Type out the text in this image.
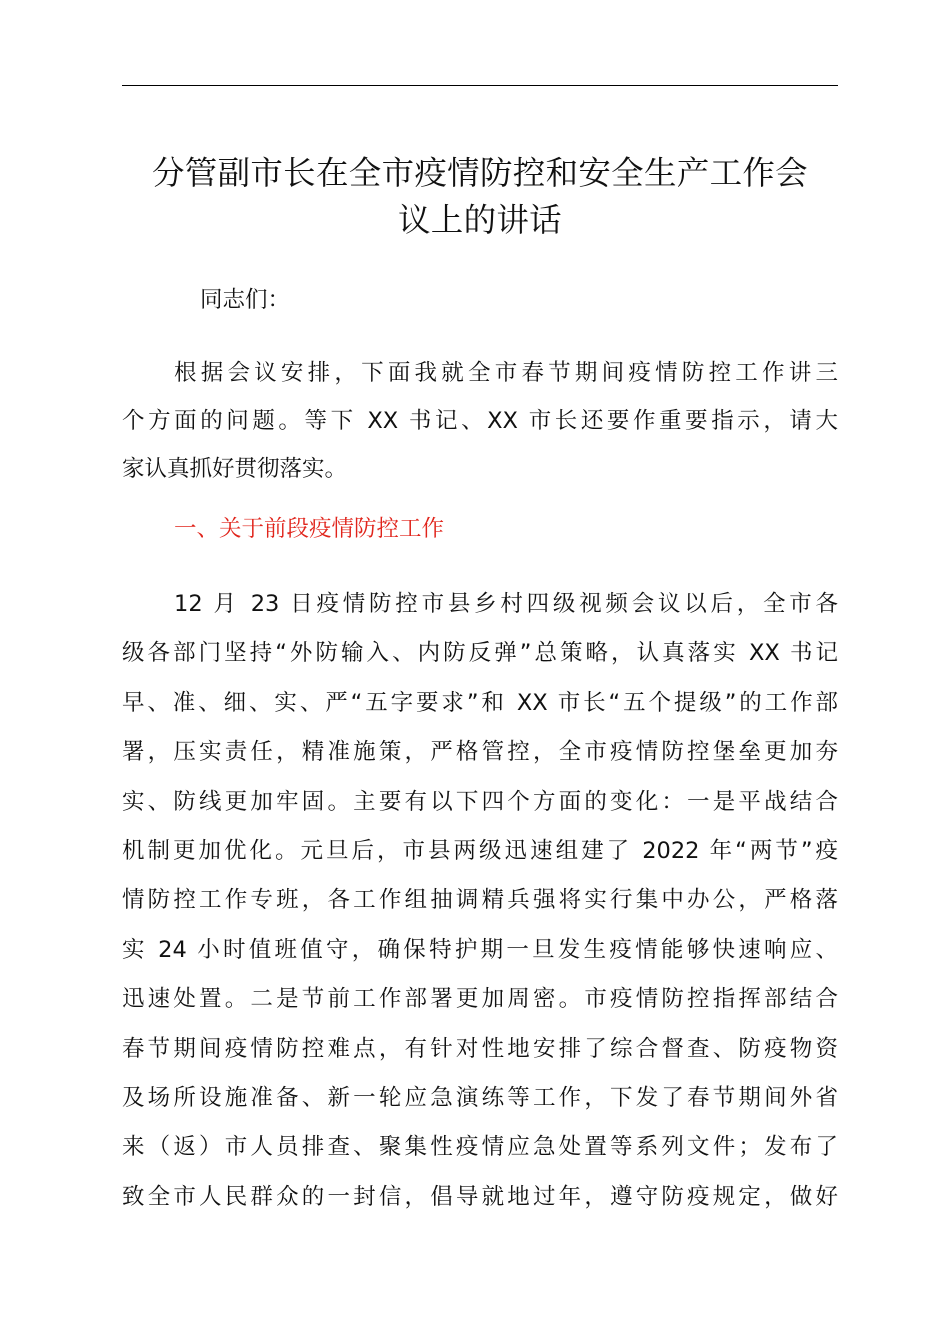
分管副市长在全市疫情防控和安全生产工作会
议上的讲话

同志们：

根据会议安排，下面我就全市春节期间疫情防控工作讲三
个方面的问题。等下 XX 书记、XX 市长还要作重要指示，请大
家认真抓好贯彻落实。

一、关于前段疫情防控工作

12 月 23 日疫情防控市县乡村四级视频会议以后，全市各
级各部门坚持“外防输入、内防反弹”总策略，认真落实 XX 书记
早、准、细、实、严“五字要求”和 XX 市长“五个提级”的工作部
署，压实责任，精准施策，严格管控，全市疫情防控堡垒更加夯
实、防线更加牢固。主要有以下四个方面的变化：一是平战结合
机制更加优化。元旦后，市县两级迅速组建了 2022 年“两节”疫
情防控工作专班，各工作组抽调精兵强将实行集中办公，严格落
实 24 小时值班值守，确保特护期一旦发生疫情能够快速响应、
迅速处置。二是节前工作部署更加周密。市疫情防控指挥部结合
春节期间疫情防控难点，有针对性地安排了综合督查、防疫物资
及场所设施准备、新一轮应急演练等工作，下发了春节期间外省
来（返）市人员排查、聚集性疫情应急处置等系列文件；发布了
致全市人民群众的一封信，倡导就地过年，遵守防疫规定，做好
